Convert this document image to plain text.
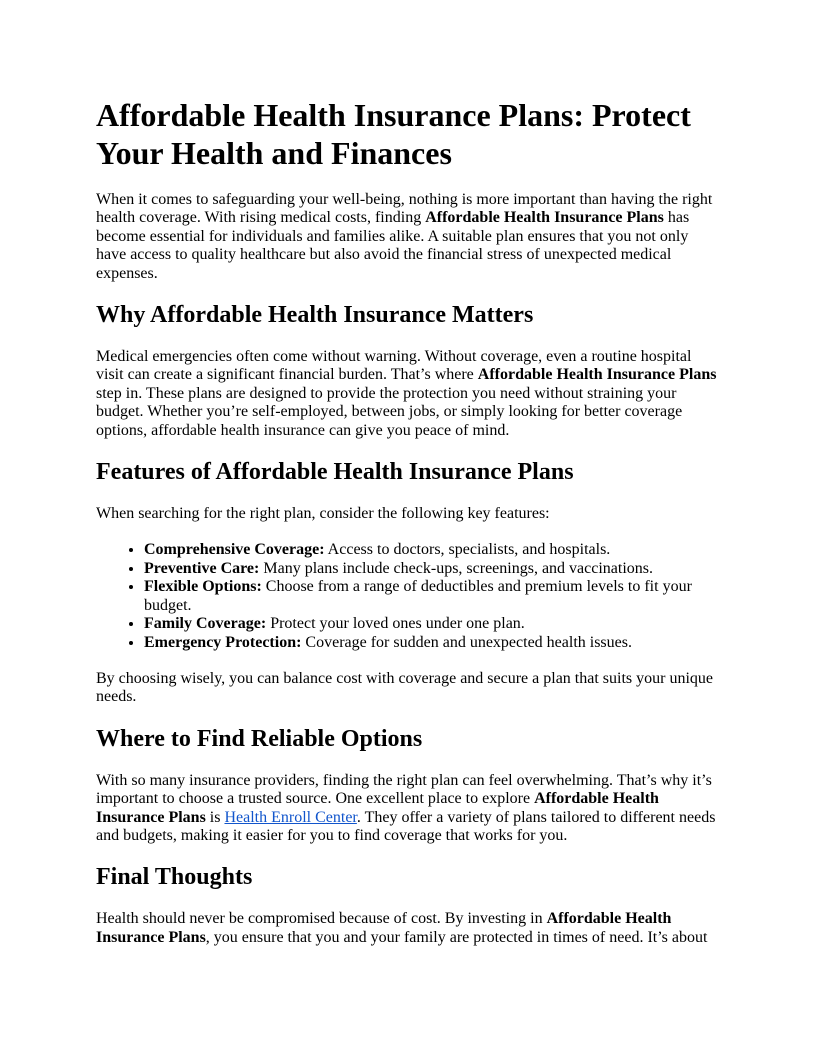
Affordable Health Insurance Plans: Protect Your Health and Finances

When it comes to safeguarding your well-being, nothing is more important than having the right health coverage. With rising medical costs, finding Affordable Health Insurance Plans has become essential for individuals and families alike. A suitable plan ensures that you not only have access to quality healthcare but also avoid the financial stress of unexpected medical expenses.

Why Affordable Health Insurance Matters

Medical emergencies often come without warning. Without coverage, even a routine hospital visit can create a significant financial burden. That’s where Affordable Health Insurance Plans step in. These plans are designed to provide the protection you need without straining your budget. Whether you’re self-employed, between jobs, or simply looking for better coverage options, affordable health insurance can give you peace of mind.

Features of Affordable Health Insurance Plans

When searching for the right plan, consider the following key features:

• Comprehensive Coverage: Access to doctors, specialists, and hospitals.
• Preventive Care: Many plans include check-ups, screenings, and vaccinations.
• Flexible Options: Choose from a range of deductibles and premium levels to fit your budget.
• Family Coverage: Protect your loved ones under one plan.
• Emergency Protection: Coverage for sudden and unexpected health issues.

By choosing wisely, you can balance cost with coverage and secure a plan that suits your unique needs.

Where to Find Reliable Options

With so many insurance providers, finding the right plan can feel overwhelming. That’s why it’s important to choose a trusted source. One excellent place to explore Affordable Health Insurance Plans is Health Enroll Center. They offer a variety of plans tailored to different needs and budgets, making it easier for you to find coverage that works for you.

Final Thoughts

Health should never be compromised because of cost. By investing in Affordable Health Insurance Plans, you ensure that you and your family are protected in times of need. It’s about
